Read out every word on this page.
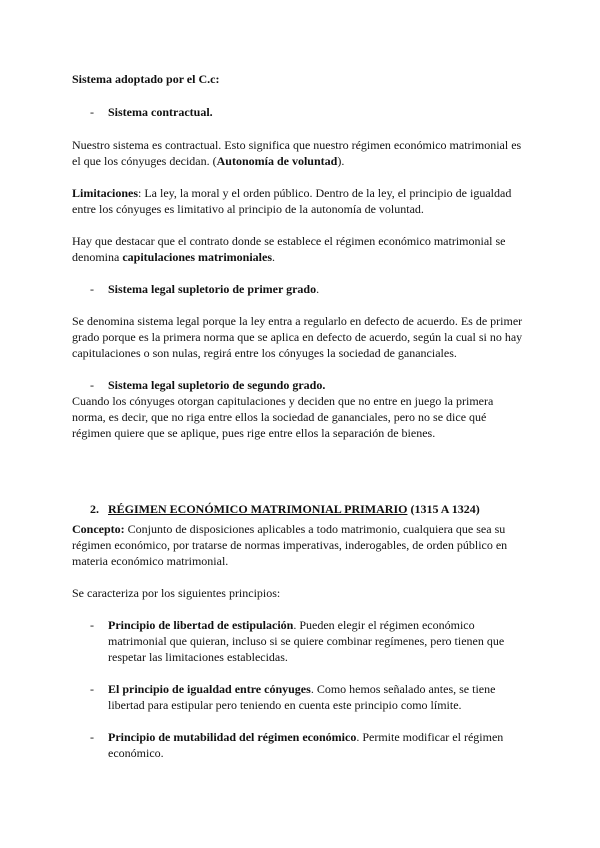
Sistema adoptado por el C.c:

- Sistema contractual.

Nuestro sistema es contractual. Esto significa que nuestro régimen económico matrimonial es el que los cónyuges decidan. (Autonomía de voluntad).

Limitaciones: La ley, la moral y el orden público. Dentro de la ley, el principio de igualdad entre los cónyuges es limitativo al principio de la autonomía de voluntad.

Hay que destacar que el contrato donde se establece el régimen económico matrimonial se denomina capitulaciones matrimoniales.

- Sistema legal supletorio de primer grado.

Se denomina sistema legal porque la ley entra a regularlo en defecto de acuerdo. Es de primer grado porque es la primera norma que se aplica en defecto de acuerdo, según la cual si no hay capitulaciones o son nulas, regirá entre los cónyuges la sociedad de gananciales.

- Sistema legal supletorio de segundo grado.

Cuando los cónyuges otorgan capitulaciones y deciden que no entre en juego la primera norma, es decir, que no riga entre ellos la sociedad de gananciales, pero no se dice qué régimen quiere que se aplique, pues rige entre ellos la separación de bienes.

2. RÉGIMEN ECONÓMICO MATRIMONIAL PRIMARIO (1315 A 1324)

Concepto: Conjunto de disposiciones aplicables a todo matrimonio, cualquiera que sea su régimen económico, por tratarse de normas imperativas, inderogables, de orden público en materia económico matrimonial.

Se caracteriza por los siguientes principios:

- Principio de libertad de estipulación. Pueden elegir el régimen económico matrimonial que quieran, incluso si se quiere combinar regímenes, pero tienen que respetar las limitaciones establecidas.

- El principio de igualdad entre cónyuges. Como hemos señalado antes, se tiene libertad para estipular pero teniendo en cuenta este principio como límite.

- Principio de mutabilidad del régimen económico. Permite modificar el régimen económico.
